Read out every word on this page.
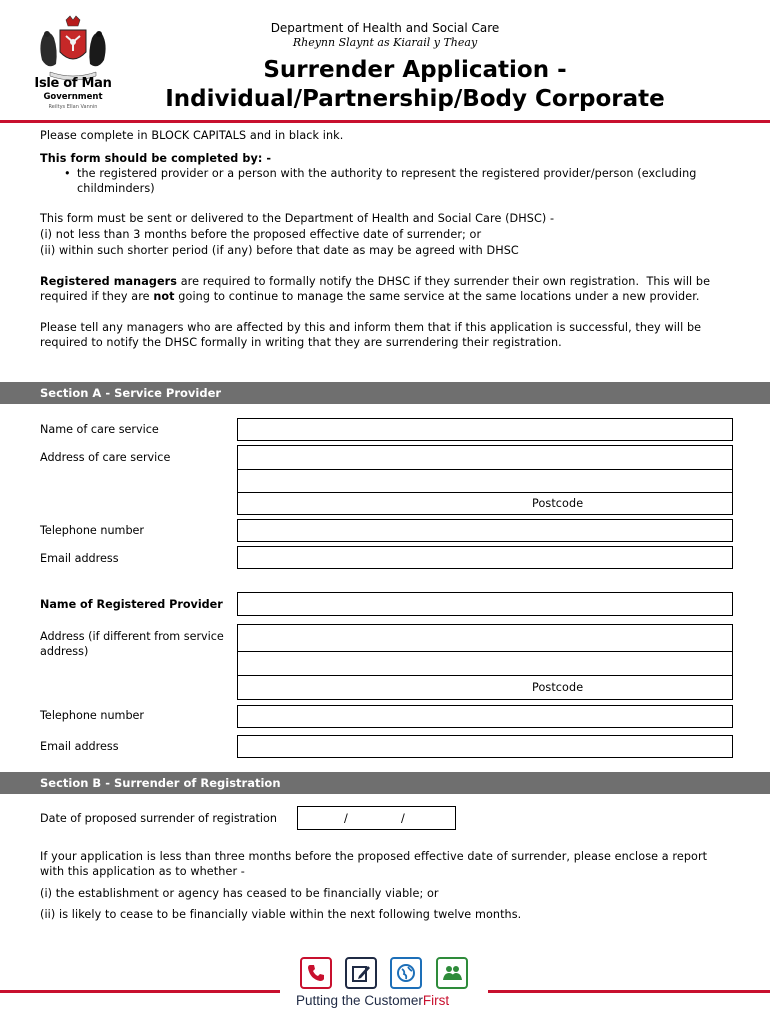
Isle of Man
Government
Reiltys Ellan Vannin
Department of Health and Social Care
Rheynn Slaynt as Kiarail y Theay
Surrender Application -
Individual/Partnership/Body Corporate
Please complete in BLOCK CAPITALS and in black ink.
This form should be completed by: -
• the registered provider or a person with the authority to represent the registered provider/person (excluding
childminders)
This form must be sent or delivered to the Department of Health and Social Care (DHSC) -
(i) not less than 3 months before the proposed effective date of surrender; or
(ii) within such shorter period (if any) before that date as may be agreed with DHSC
Registered managers are required to formally notify the DHSC if they surrender their own registration.  This will be
required if they are not going to continue to manage the same service at the same locations under a new provider.
Please tell any managers who are affected by this and inform them that if this application is successful, they will be
required to notify the DHSC formally in writing that they are surrendering their registration.
Section A - Service Provider
Name of care service
Address of care service
Postcode
Telephone number
Email address
Name of Registered Provider
Address (if different from service
address)
Postcode
Telephone number
Email address
Section B - Surrender of Registration
Date of proposed surrender of registration	/	/
If your application is less than three months before the proposed effective date of surrender, please enclose a report
with this application as to whether -
(i) the establishment or agency has ceased to be financially viable; or
(ii) is likely to cease to be financially viable within the next following twelve months.
Putting the CustomerFirst
